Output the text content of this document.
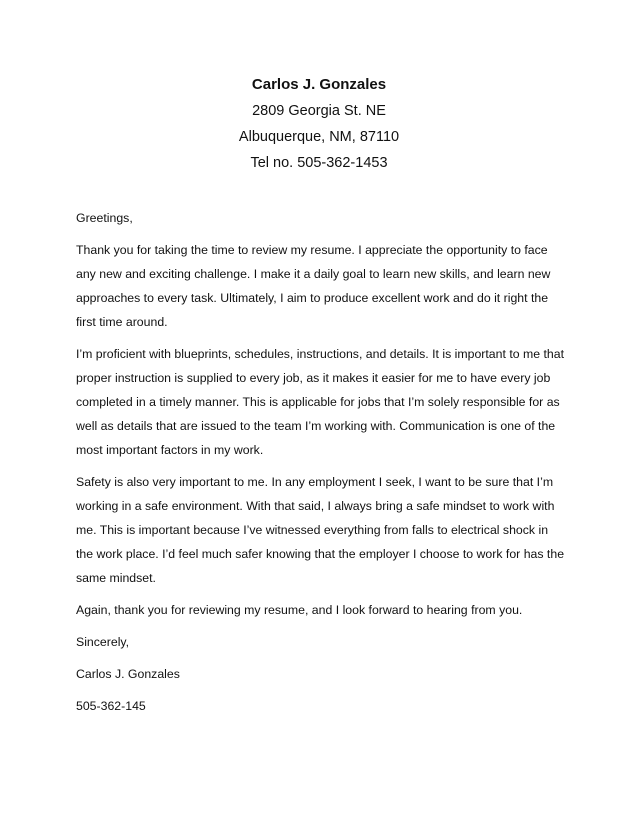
Carlos J. Gonzales
2809 Georgia St. NE
Albuquerque, NM, 87110
Tel no. 505-362-1453

Greetings,

Thank you for taking the time to review my resume. I appreciate the opportunity to face any new and exciting challenge. I make it a daily goal to learn new skills, and learn new approaches to every task. Ultimately, I aim to produce excellent work and do it right the first time around.

I’m proficient with blueprints, schedules, instructions, and details. It is important to me that proper instruction is supplied to every job, as it makes it easier for me to have every job completed in a timely manner. This is applicable for jobs that I’m solely responsible for as well as details that are issued to the team I’m working with. Communication is one of the most important factors in my work.

Safety is also very important to me. In any employment I seek, I want to be sure that I’m working in a safe environment. With that said, I always bring a safe mindset to work with me. This is important because I’ve witnessed everything from falls to electrical shock in the work place. I’d feel much safer knowing that the employer I choose to work for has the same mindset.

Again, thank you for reviewing my resume, and I look forward to hearing from you.

Sincerely,

Carlos J. Gonzales

505-362-145
